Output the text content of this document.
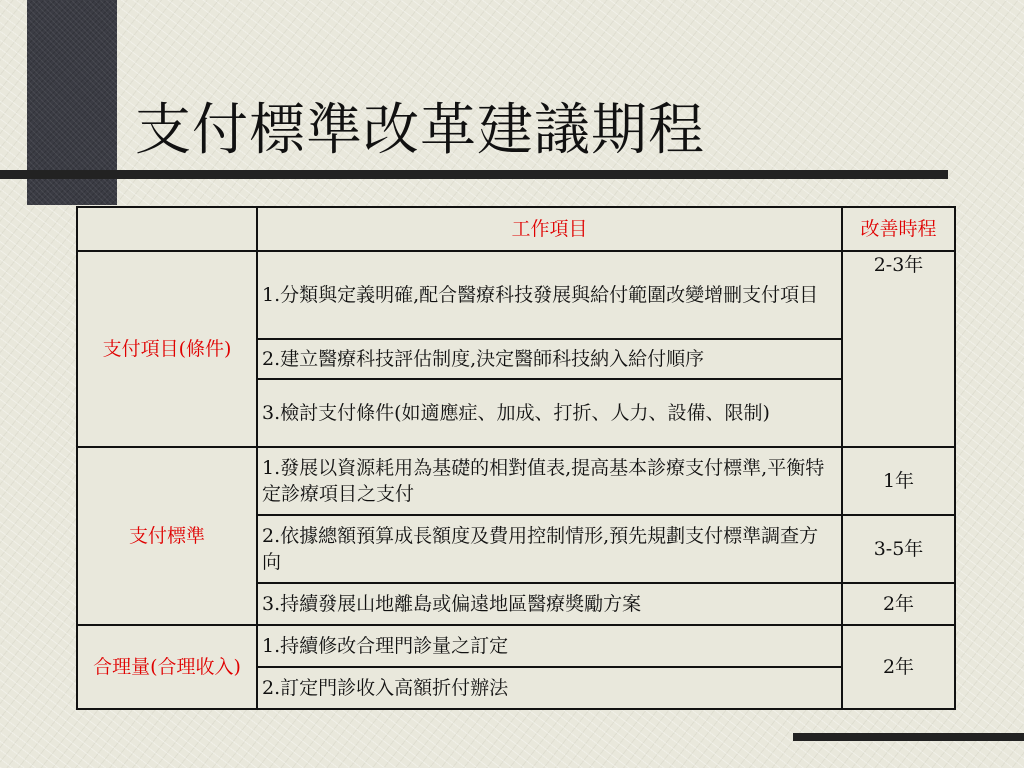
支付標準改革建議期程
	工作項目	改善時程
支付項目(條件)	1.分類與定義明確,配合醫療科技發展與給付範圍改變增刪支付項目	2-3年
	2.建立醫療科技評估制度,決定醫師科技納入給付順序	
	3.檢討支付條件(如適應症、加成、打折、人力、設備、限制)	
支付標準	1.發展以資源耗用為基礎的相對值表,提高基本診療支付標準,平衡特定診療項目之支付	1年
	2.依據總額預算成長額度及費用控制情形,預先規劃支付標準調查方向	3-5年
	3.持續發展山地離島或偏遠地區醫療獎勵方案	2年
合理量(合理收入)	1.持續修改合理門診量之訂定	2年
	2.訂定門診收入高額折付辦法	
